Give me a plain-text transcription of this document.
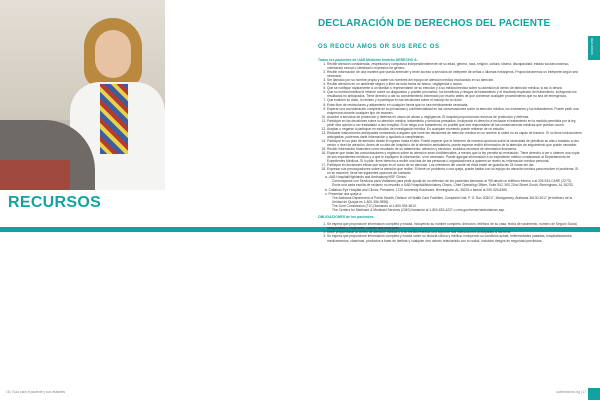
RECURSOS
DECLARACIÓN DE DERECHOS DEL PACIENTE
OS REOCU AMOS OR SUS EREC OS	RECURSOS

Todos los pacientes de UAB Medicine tendrán DERECHO A:

1. Recibir atención considerada, respetuosa y compasiva independientemente de su edad, género, raza, religión, cultura, idioma, discapacidad, estado socioeconómico, orientación sexual o identidad o expresión de género.
2. Recibir información de una manera que pueda entender y tener acceso a servicios de intérprete de señas o idiomas extranjeros. Proporcionaremos un intérprete según sea necesario.
3. Ser llamado por su nombre propio y saber los nombres del equipo de atención médica involucrado en su atención.
4. Recibir atención en un ambiente seguro y libre de toda forma de abuso, negligencia o acoso.
5. Que se notifique rápidamente a un familiar o representante de su elección y a su médico/médica sobre su admisión al centro de atención médica, si así lo desea.
6. Que su médico/médica le informe sobre su diagnóstico y posible pronóstico, los beneficios y riesgos del tratamiento y el resultado esperado del tratamiento, incluyendo los resultados no anticipados. Tiene derecho a dar su consentimiento informado por escrito antes de que comience cualquier procedimiento que no sea de emergencia.
7. Que evalúen su dolor, lo revisen y a participar en las decisiones sobre el manejo de su dolor.
8. Estar libre de restricciones y aislamiento en cualquier forma que no sea médicamente necesaria.
9. Esperar una consideración completa de su privacidad y confidencialidad en las conversaciones sobre la atención médica, los exámenes y los tratamientos. Puede pedir una chaperona durante cualquier tipo de examen.
10. Acceder a servicios de protección y defensa en casos de abuso o negligencia. El hospital proporcionará recursos de protección y defensa.
11. Participar en las decisiones sobre su atención médica, tratamiento y servicios prestados, incluyendo el derecho a rechazar el tratamiento en la medida permitida por la ley, pedir otra opinión o ser trasladado a otro hospital. Si se niega a un tratamiento, es posible que sea responsable de las consecuencias médicas que puedan ocurrir.
12. Aceptar o negarse a participar en estudios de investigación médica. En cualquier momento puede retirarse de un estudio.
13. Redactar instrucciones anticipadas nombrando a alguien que tome las decisiones de atención médica en su nombre si usted no es capaz de hacerlo. Si no tiene instrucciones anticipadas, podemos darle información y ayudarlo a completarlas.
14. Participar en su plan de atención desde el ingreso hasta el alta. Puede esperar que le informen de manera oportuna sobre la necesidad de planificar su alta o traslado a otro centro o nivel de atención. Antes de su alta del hospital o de la atención ambulatoria, puede esperar recibir información de la atención de seguimiento que puede necesitar.
15. Recibir información financiera como resultado de su tratamiento, atención y servicios, incluidos recursos de orientación financiera.
16. Esperar que todas las comunicaciones y registros sobre su atención sean confidenciales, a menos que la ley permita su revelación. Tiene derecho a ver u obtener una copia de sus expedientes médicos y a que le expliquen la información, si es necesario. Puede agregar información a su expediente médico contactando al Departamento de Expedientes Médicos. Si lo pide, tiene derecho a recibir una lista de las personas u organizaciones a quienes se reveló su información médica personal.
17. Participar en decisiones éticas que surjan en el curso de su atención. Los miembros del comité de ética están de guardia las 24 horas del día.
18. Expresar sus preocupaciones sobre la atención que recibe. Si tiene un problema o una queja, puede hablar con su equipo de atención médica para resolver el problema. Si no se resuelve, tiene las siguientes opciones de contacto:
a. UAB Hospital/Highlands and Ambulatory/HSF Clinics:
Comuníquese con Servicios para Visitantes para pedir ayuda de un defensor de los pacientes llamando al *55 desde un teléfono interno o al 205-934-CARE (2273).
Envíe una carta escrita de reclamo no resuelto a UAB Hospital/Ambulatory Clinics, Chief Operating Officer, Suite 502, 500 22nd Street South, Birmingham, AL 35233.
b. Callahan Eye Hospital and Clinics: President, 1720 University Boulevard, Birmingham, AL 35233 o llamar al 205-325-8380.
c. Presentar una queja a:
The Alabama Department of Public Health, Division of Health Care Facilities, Complaint Unit, P. O. Box 303017, Montgomery, Alabama 36130-3017 (el teléfono de la Unidad de Quejas es 1-800-356-9596).
The Joint Commission (TJC) llamando al 1-800-994-6610.
The Centers for Medicare & Medicaid Services (CMS) llamando al 1-800-633-4227 o cms.gov/center/ombudsman.asp.

OBLIGACIONES de los pacientes:

1. Se espera que proporcione información completa y exacta, incluyendo su nombre completo, dirección, teléfono de su casa, fecha de nacimiento, número de Seguro Social, aseguradora y empleador, cuando sea necesario.
2. Debe proporcionar al centro de atención médica o a su médico/médica una copia de sus instrucciones anticipadas si las tiene.
3. Se espera que proporcione información completa y exacta sobre su historia clínica y médica, incluyendo su condición actual, enfermedades pasadas, hospitalizaciones, medicamentos, vitaminas, productos a base de hierbas y cualquier otro asunto relacionado con su salud, incluidos riesgos de seguridad percibidos.
16 | Guía para el paciente y sus visitantes	uabmedicine.org | 17
